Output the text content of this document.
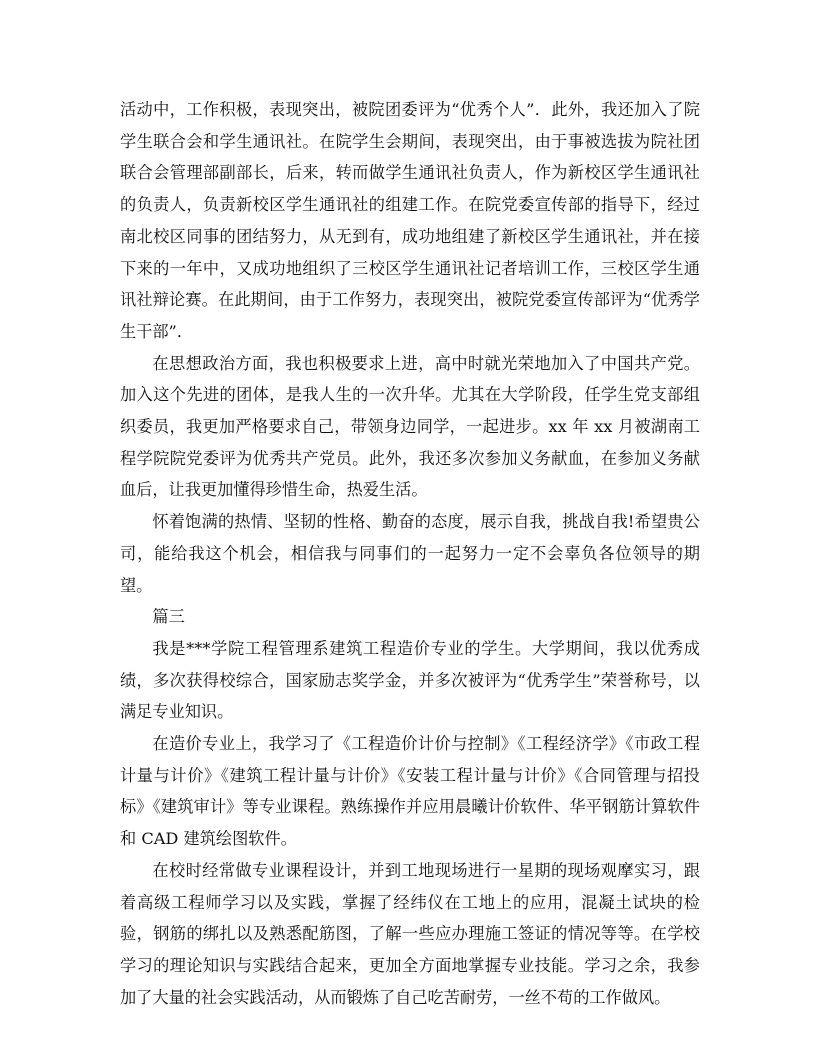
活动中，工作积极，表现突出，被院团委评为“优秀个人”．此外，我还加入了院学生联合会和学生通讯社。在院学生会期间，表现突出，由于事被选拔为院社团联合会管理部副部长，后来，转而做学生通讯社负责人，作为新校区学生通讯社的负责人，负责新校区学生通讯社的组建工作。在院党委宣传部的指导下，经过南北校区同事的团结努力，从无到有，成功地组建了新校区学生通讯社，并在接下来的一年中，又成功地组织了三校区学生通讯社记者培训工作，三校区学生通讯社辩论赛。在此期间，由于工作努力，表现突出，被院党委宣传部评为“优秀学生干部”．

在思想政治方面，我也积极要求上进，高中时就光荣地加入了中国共产党。加入这个先进的团体，是我人生的一次升华。尤其在大学阶段，任学生党支部组织委员，我更加严格要求自己，带领身边同学，一起进步。xx 年 xx 月被湖南工程学院院党委评为优秀共产党员。此外，我还多次参加义务献血，在参加义务献血后，让我更加懂得珍惜生命，热爱生活。

怀着饱满的热情、坚韧的性格、勤奋的态度，展示自我，挑战自我!希望贵公司，能给我这个机会，相信我与同事们的一起努力一定不会辜负各位领导的期望。

篇三

我是***学院工程管理系建筑工程造价专业的学生。大学期间，我以优秀成绩，多次获得校综合，国家励志奖学金，并多次被评为“优秀学生”荣誉称号，以满足专业知识。

在造价专业上，我学习了《工程造价计价与控制》《工程经济学》《市政工程计量与计价》《建筑工程计量与计价》《安装工程计量与计价》《合同管理与招投标》《建筑审计》等专业课程。熟练操作并应用晨曦计价软件、华平钢筋计算软件和 CAD 建筑绘图软件。

在校时经常做专业课程设计，并到工地现场进行一星期的现场观摩实习，跟着高级工程师学习以及实践，掌握了经纬仪在工地上的应用，混凝土试块的检验，钢筋的绑扎以及熟悉配筋图，了解一些应办理施工签证的情况等等。在学校学习的理论知识与实践结合起来，更加全方面地掌握专业技能。学习之余，我参加了大量的社会实践活动，从而锻炼了自己吃苦耐劳，一丝不苟的工作做风。
